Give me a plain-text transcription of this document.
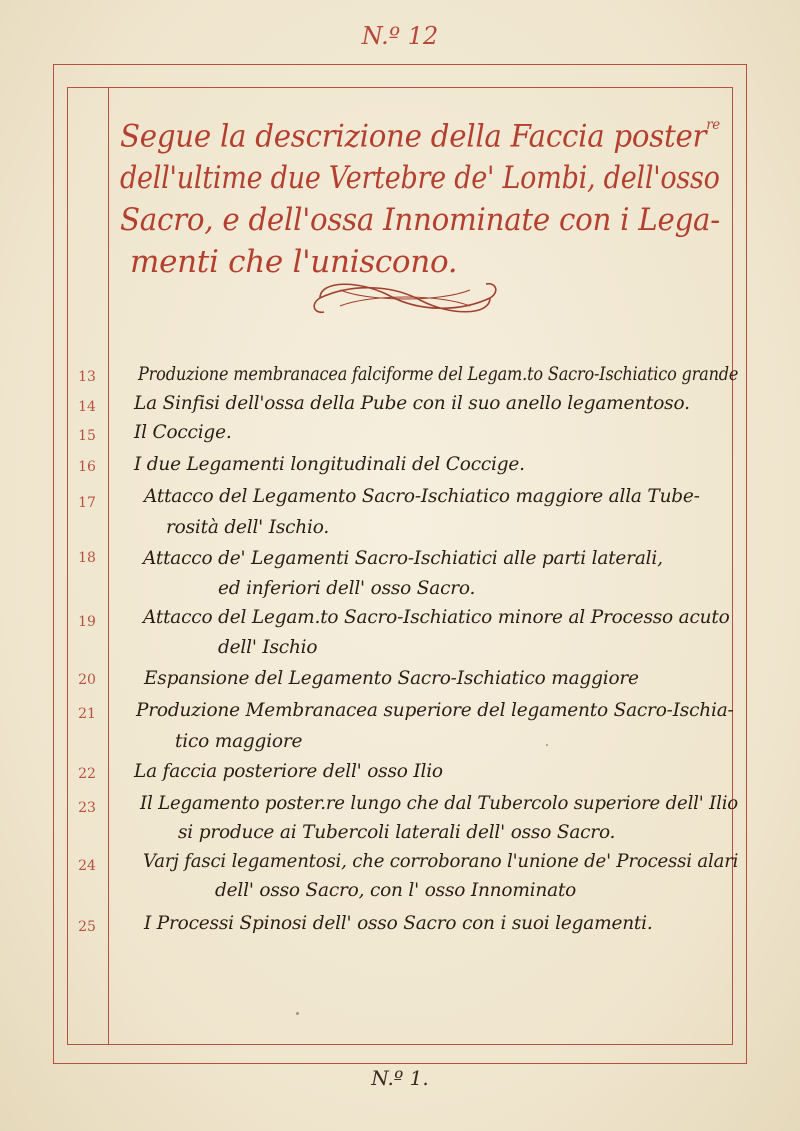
N.º 12
Segue la descrizione della Faccia poster$^{re}$
dell'ultime due Vertebre de' Lombi, dell'osso
Sacro, e dell'ossa Innominate con i Lega-
menti che l'uniscono.
13	Produzione membranacea falciforme del Legam.to Sacro-Ischiatico grande
14	La Sinfisi dell'ossa della Pube con il suo anello legamentoso.
15	Il Coccige.
16	I due Legamenti longitudinali del Coccige.
17	Attacco del Legamento Sacro-Ischiatico maggiore alla Tube-
rosità dell' Ischio.
18	Attacco de' Legamenti Sacro-Ischiatici alle parti laterali,
ed inferiori dell' osso Sacro.
19	Attacco del Legam.to Sacro-Ischiatico minore al Processo acuto
dell' Ischio
20	Espansione del Legamento Sacro-Ischiatico maggiore
21	Produzione Membranacea superiore del legamento Sacro-Ischia-
tico maggiore
22	La faccia posteriore dell' osso Ilio
23	Il Legamento poster.re lungo che dal Tubercolo superiore dell' Ilio
si produce ai Tubercoli laterali dell' osso Sacro.
24	Varj fasci legamentosi, che corroborano l'unione de' Processi alari
dell' osso Sacro, con l' osso Innominato
25	I Processi Spinosi dell' osso Sacro con i suoi legamenti.
N.º 1.
